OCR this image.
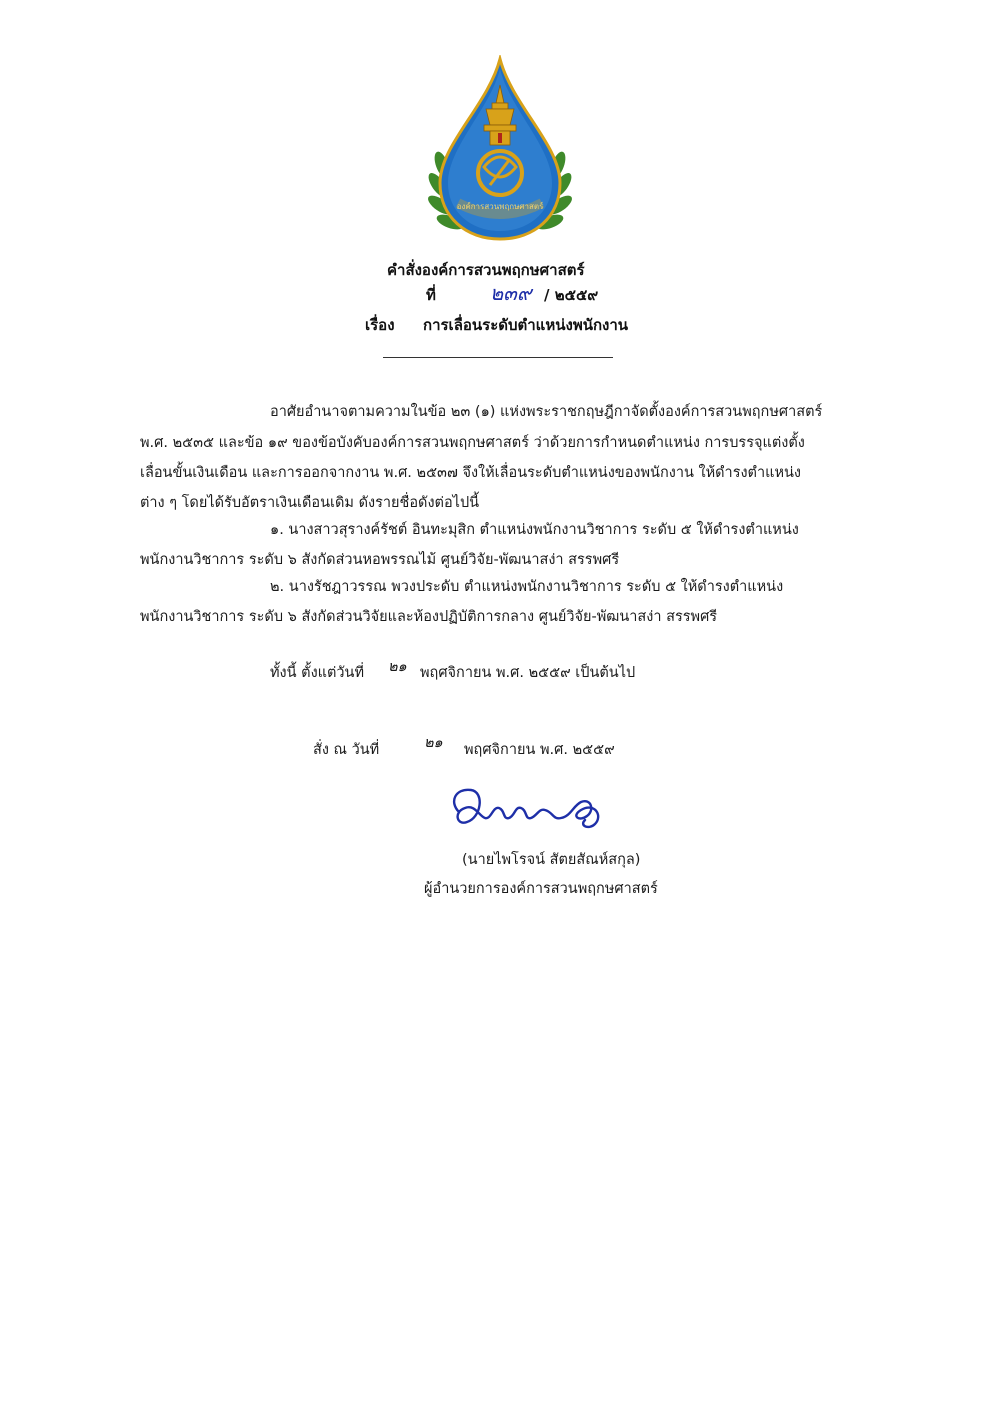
องค์การสวนพฤกษศาสตร์
คำสั่งองค์การสวนพฤกษศาสตร์
ที่	๒๓๙ / ๒๕๕๙
เรื่อง การเลื่อนระดับตำแหน่งพนักงาน
อาศัยอำนาจตามความในข้อ ๒๓ (๑) แห่งพระราชกฤษฎีกาจัดตั้งองค์การสวนพฤกษศาสตร์
พ.ศ. ๒๕๓๕ และข้อ ๑๙ ของข้อบังคับองค์การสวนพฤกษศาสตร์ ว่าด้วยการกำหนดตำแหน่ง การบรรจุแต่งตั้ง
เลื่อนขั้นเงินเดือน และการออกจากงาน พ.ศ. ๒๕๓๗ จึงให้เลื่อนระดับตำแหน่งของพนักงาน ให้ดำรงตำแหน่ง
ต่าง ๆ โดยได้รับอัตราเงินเดือนเดิม ดังรายชื่อดังต่อไปนี้
๑. นางสาวสุรางค์รัชต์ อินทะมุสิก ตำแหน่งพนักงานวิชาการ ระดับ ๕ ให้ดำรงตำแหน่ง
พนักงานวิชาการ ระดับ ๖ สังกัดส่วนหอพรรณไม้ ศูนย์วิจัย-พัฒนาสง่า สรรพศรี
๒. นางรัชฎาวรรณ พวงประดับ ตำแหน่งพนักงานวิชาการ ระดับ ๕ ให้ดำรงตำแหน่ง
พนักงานวิชาการ ระดับ ๖ สังกัดส่วนวิจัยและห้องปฏิบัติการกลาง ศูนย์วิจัย-พัฒนาสง่า สรรพศรี
ทั้งนี้ ตั้งแต่วันที่ ๒๑ พฤศจิกายน พ.ศ. ๒๕๕๙ เป็นต้นไป
สั่ง ณ วันที่	๒๑ พฤศจิกายน พ.ศ. ๒๕๕๙
(นายไพโรจน์ สัตยสัณห์สกุล)
ผู้อำนวยการองค์การสวนพฤกษศาสตร์
